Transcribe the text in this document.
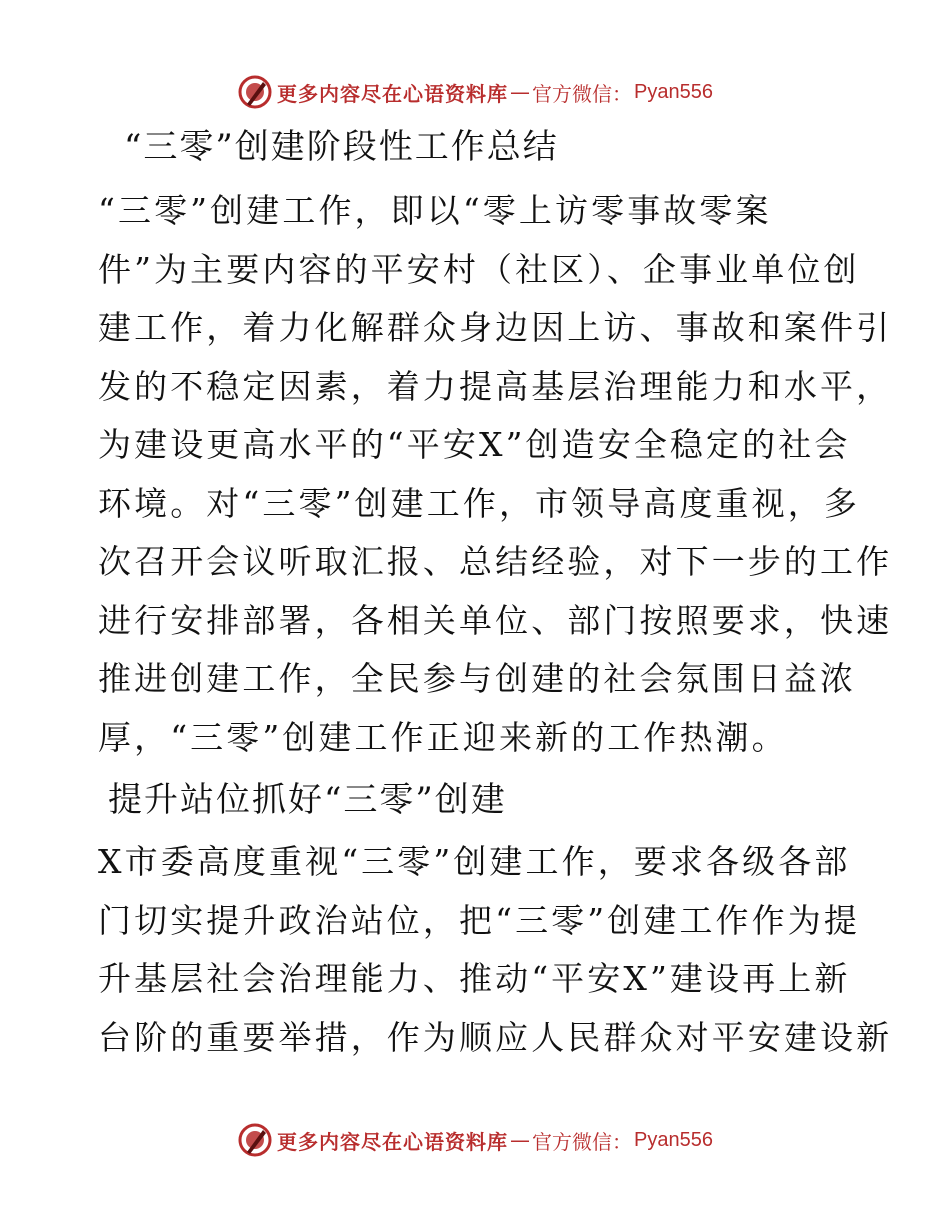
更多内容尽在心语资料库 — 官方微信： Pyan556
“三零”创建阶段性工作总结

“三零”创建工作，即以“零上访零事故零案
件”为主要内容的平安村（社区）、企事业单位创
建工作，着力化解群众身边因上访、事故和案件引
发的不稳定因素，着力提高基层治理能力和水平，
为建设更高水平的“平安X”创造安全稳定的社会
环境。对“三零”创建工作，市领导高度重视，多
次召开会议听取汇报、总结经验，对下一步的工作
进行安排部署，各相关单位、部门按照要求，快速
推进创建工作，全民参与创建的社会氛围日益浓
厚，“三零”创建工作正迎来新的工作热潮。

提升站位抓好“三零”创建

X市委高度重视“三零”创建工作，要求各级各部
门切实提升政治站位，把“三零”创建工作作为提
升基层社会治理能力、推动“平安X”建设再上新
台阶的重要举措，作为顺应人民群众对平安建设新

更多内容尽在心语资料库 — 官方微信： Pyan556
